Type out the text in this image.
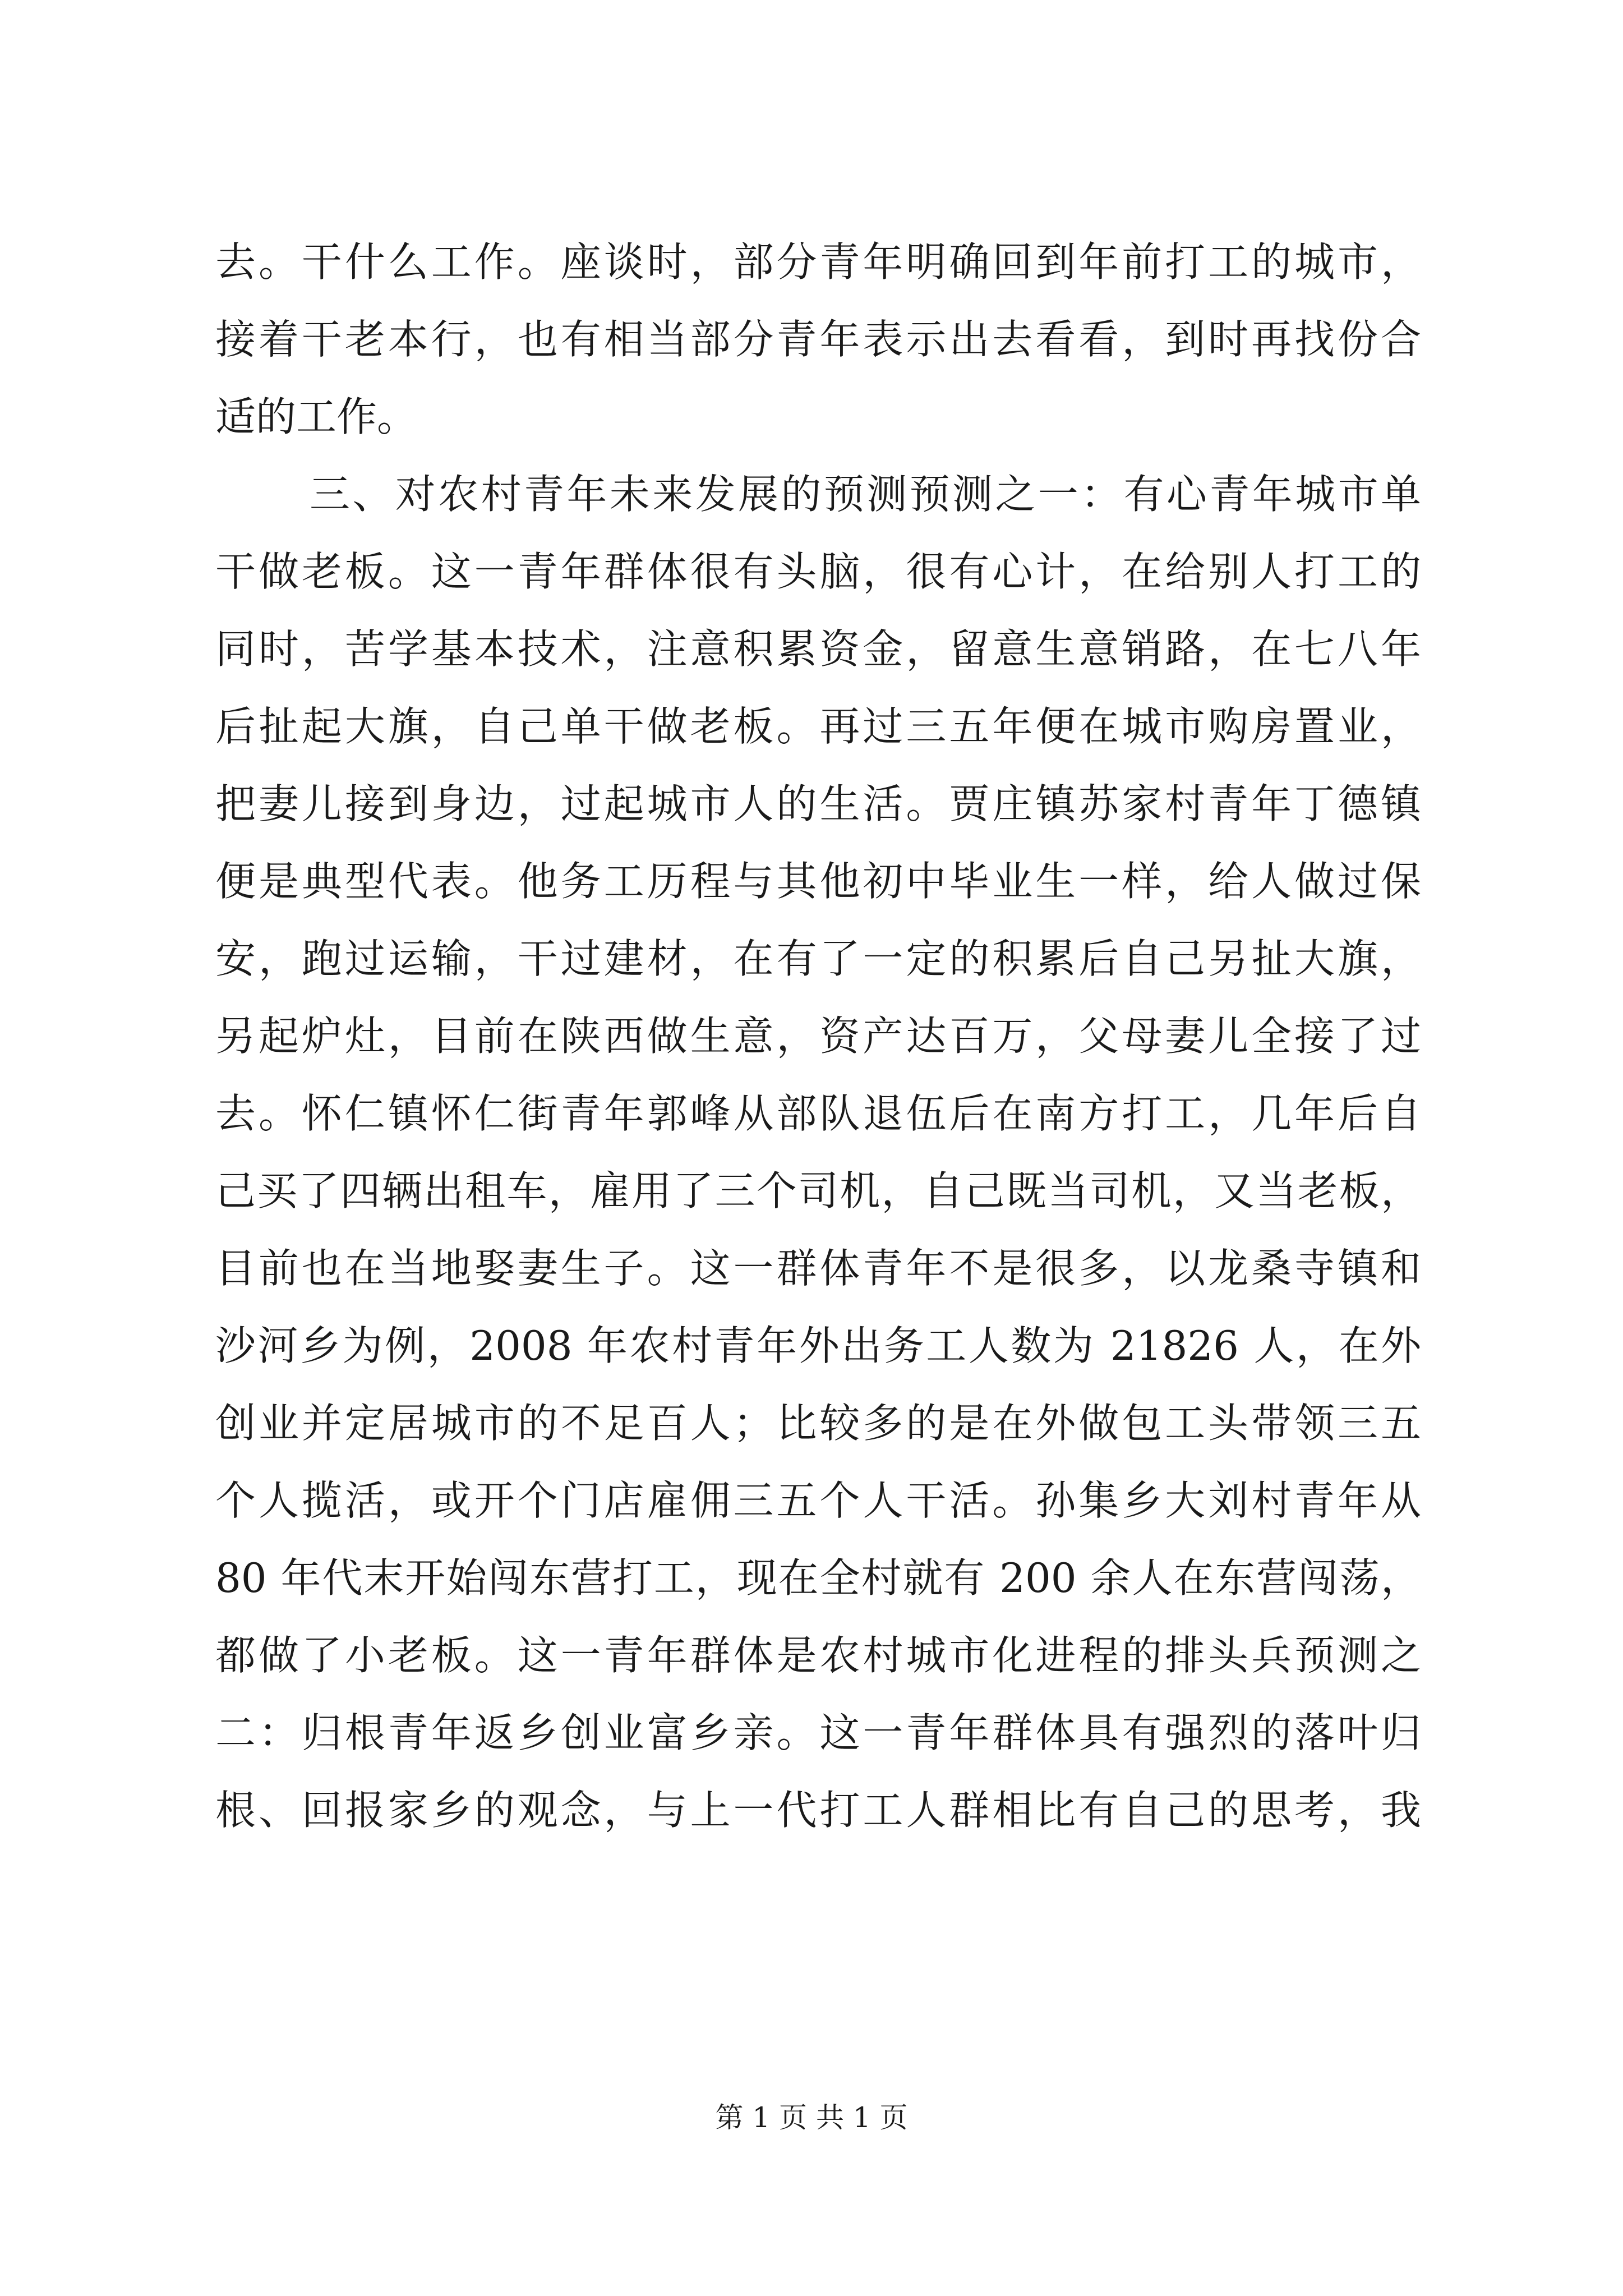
去。干什么工作。座谈时，部分青年明确回到年前打工的城市，
接着干老本行，也有相当部分青年表示出去看看，到时再找份合
适的工作。
三、对农村青年未来发展的预测预测之一：有心青年城市单
干做老板。这一青年群体很有头脑，很有心计，在给别人打工的
同时，苦学基本技术，注意积累资金，留意生意销路，在七八年
后扯起大旗，自己单干做老板。再过三五年便在城市购房置业，
把妻儿接到身边，过起城市人的生活。贾庄镇苏家村青年丁德镇
便是典型代表。他务工历程与其他初中毕业生一样，给人做过保
安，跑过运输，干过建材，在有了一定的积累后自己另扯大旗，
另起炉灶，目前在陕西做生意，资产达百万，父母妻儿全接了过
去。怀仁镇怀仁街青年郭峰从部队退伍后在南方打工，几年后自
己买了四辆出租车，雇用了三个司机，自己既当司机，又当老板，
目前也在当地娶妻生子。这一群体青年不是很多，以龙桑寺镇和
沙河乡为例，2008 年农村青年外出务工人数为 21826 人，在外
创业并定居城市的不足百人；比较多的是在外做包工头带领三五
个人揽活，或开个门店雇佣三五个人干活。孙集乡大刘村青年从
80 年代末开始闯东营打工，现在全村就有 200 余人在东营闯荡，
都做了小老板。这一青年群体是农村城市化进程的排头兵预测之
二：归根青年返乡创业富乡亲。这一青年群体具有强烈的落叶归
根、回报家乡的观念，与上一代打工人群相比有自己的思考，我
第 1 页 共 1 页
